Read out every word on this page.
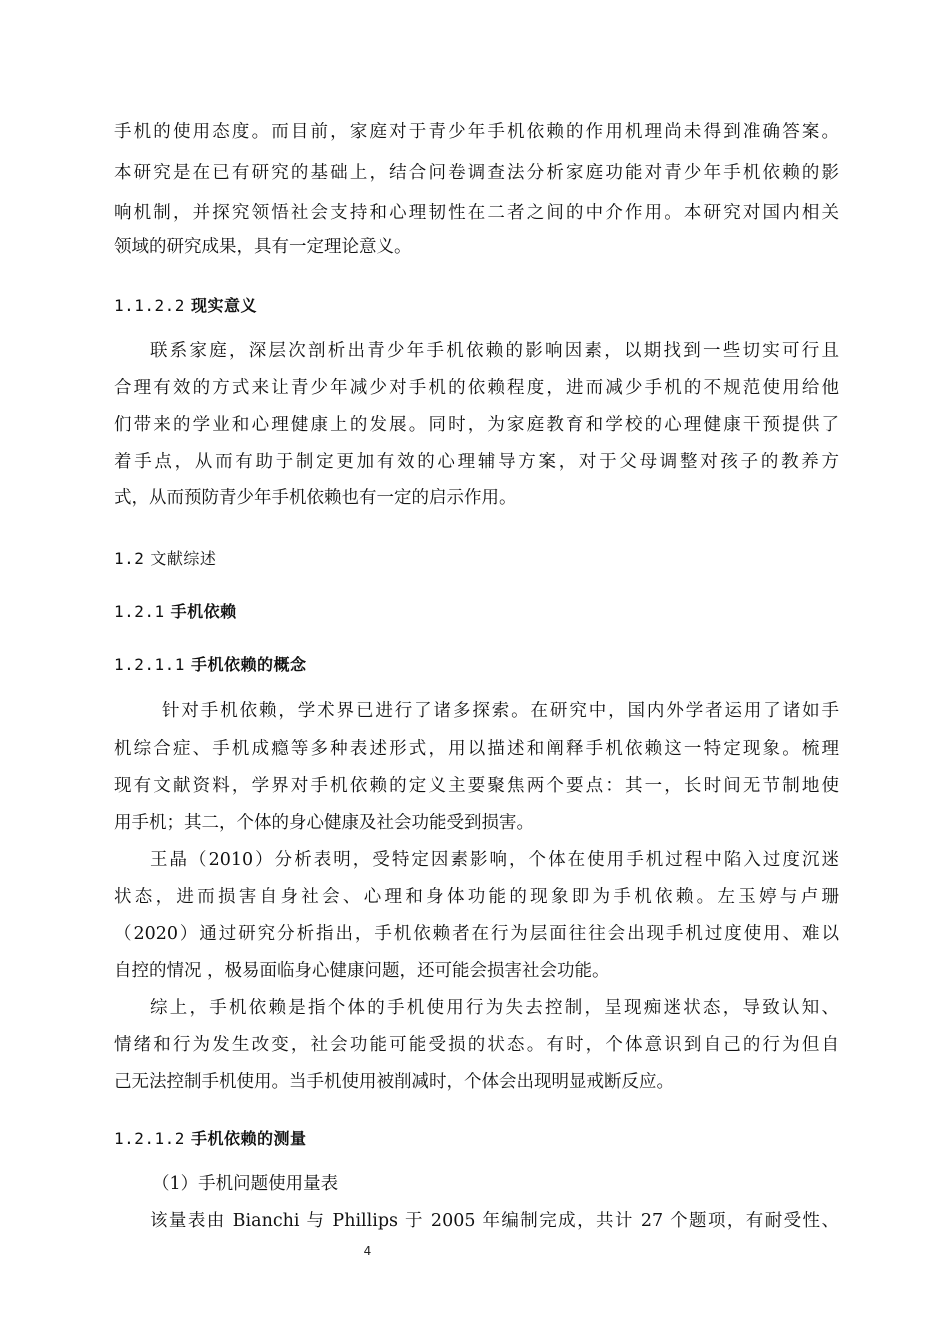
手机的使用态度。而目前，家庭对于青少年手机依赖的作用机理尚未得到准确答案。
本研究是在已有研究的基础上，结合问卷调查法分析家庭功能对青少年手机依赖的影
响机制，并探究领悟社会支持和心理韧性在二者之间的中介作用。本研究对国内相关
领域的研究成果，具有一定理论意义。
1.1.2.2 现实意义
联系家庭，深层次剖析出青少年手机依赖的影响因素，以期找到一些切实可行且
合理有效的方式来让青少年减少对手机的依赖程度，进而减少手机的不规范使用给他
们带来的学业和心理健康上的发展。同时，为家庭教育和学校的心理健康干预提供了
着手点，从而有助于制定更加有效的心理辅导方案，对于父母调整对孩子的教养方
式，从而预防青少年手机依赖也有一定的启示作用。
1.2 文献综述
1.2.1 手机依赖
1.2.1.1 手机依赖的概念
针对手机依赖，学术界已进行了诸多探索。在研究中，国内外学者运用了诸如手
机综合症、手机成瘾等多种表述形式，用以描述和阐释手机依赖这一特定现象。梳理
现有文献资料，学界对手机依赖的定义主要聚焦两个要点：其一，长时间无节制地使
用手机；其二，个体的身心健康及社会功能受到损害。
王晶（2010）分析表明，受特定因素影响，个体在使用手机过程中陷入过度沉迷
状态，进而损害自身社会、心理和身体功能的现象即为手机依赖。左玉婷与卢珊
（2020）通过研究分析指出，手机依赖者在行为层面往往会出现手机过度使用、难以
自控的情况 ，极易面临身心健康问题，还可能会损害社会功能。
综上，手机依赖是指个体的手机使用行为失去控制，呈现痴迷状态，导致认知、
情绪和行为发生改变，社会功能可能受损的状态。有时，个体意识到自己的行为但自
己无法控制手机使用。当手机使用被削减时，个体会出现明显戒断反应。
1.2.1.2 手机依赖的测量
（1）手机问题使用量表
该量表由 Bianchi 与 Phillips 于 2005 年编制完成，共计 27 个题项，有耐受性、
4
